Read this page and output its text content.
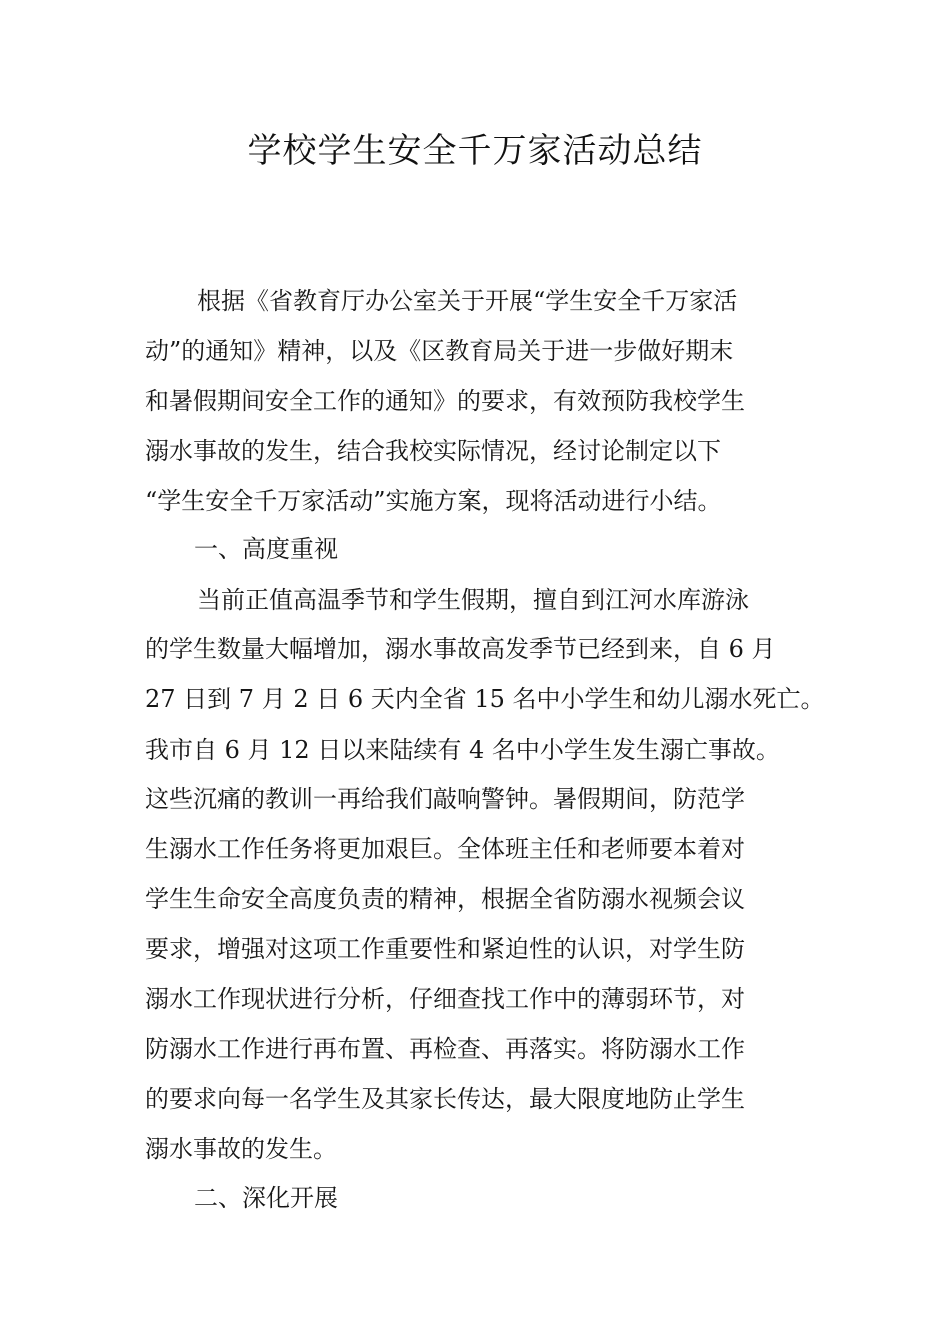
学校学生安全千万家活动总结
根据《省教育厅办公室关于开展“学生安全千万家活
动”的通知》精神，以及《区教育局关于进一步做好期末
和暑假期间安全工作的通知》的要求，有效预防我校学生
溺水事故的发生，结合我校实际情况，经讨论制定以下
“学生安全千万家活动”实施方案，现将活动进行小结。
一、高度重视
当前正值高温季节和学生假期，擅自到江河水库游泳
的学生数量大幅增加，溺水事故高发季节已经到来，自 6 月
27 日到 7 月 2 日 6 天内全省 15 名中小学生和幼儿溺水死亡。
我市自 6 月 12 日以来陆续有 4 名中小学生发生溺亡事故。
这些沉痛的教训一再给我们敲响警钟。暑假期间，防范学
生溺水工作任务将更加艰巨。全体班主任和老师要本着对
学生生命安全高度负责的精神，根据全省防溺水视频会议
要求，增强对这项工作重要性和紧迫性的认识，对学生防
溺水工作现状进行分析，仔细查找工作中的薄弱环节，对
防溺水工作进行再布置、再检查、再落实。将防溺水工作
的要求向每一名学生及其家长传达，最大限度地防止学生
溺水事故的发生。
二、深化开展
